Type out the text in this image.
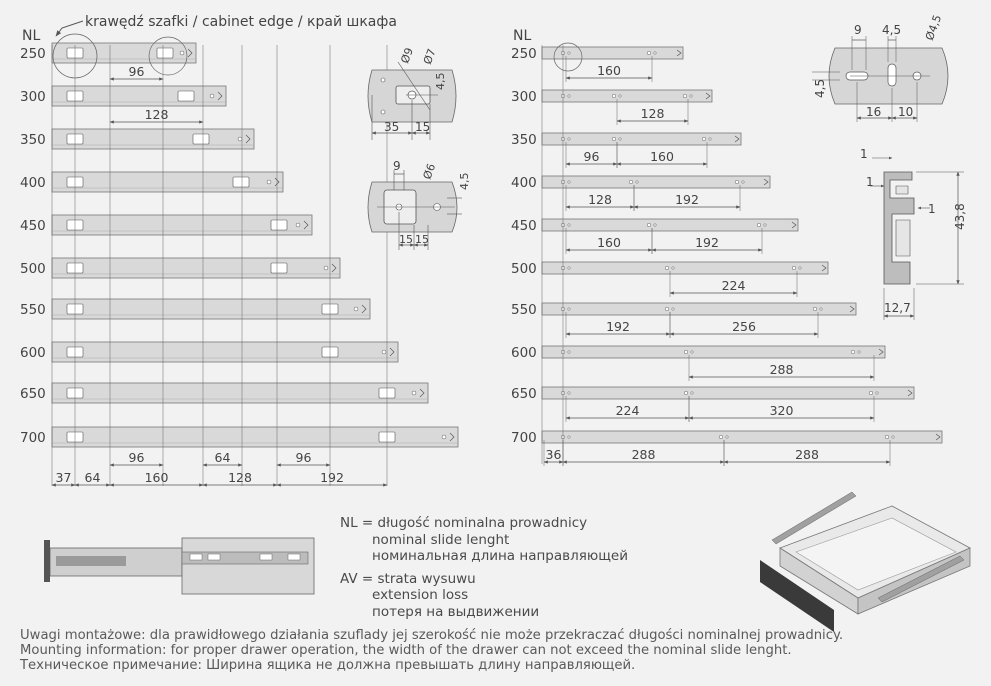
NL
krawędź szafki / cabinet edge / край шкафа
NL
250
300
350
400
450
500
550
600
650
700
96
128
96	64	96
37 64	160	128	192
250
160
300
128
350
96	160
400
128	192
450
160	192
500
224
550
192	256
600
288
650
224	320
700
36	288	288
35 15
Ø9 Ø7
4,5
9 Ø6
4,5
15 15
9 4,5 Ø4,5
4,5
16 10
1
1
1 43,8
12,7
NL = długość nominalna prowadnicy
nominal slide lenght
номинальная длина направляющей
AV = strata wysuwu
extension loss
потеря на выдвижении
Uwagi montażowe: dla prawidłowego działania szuflady jej szerokość nie może przekraczać długości nominalnej prowadnicy.
Mounting information: for proper drawer operation, the width of the drawer can not exceed the nominal slide lenght.
Техническое примечание: Ширина ящика не должна превышать длину направляющей.
